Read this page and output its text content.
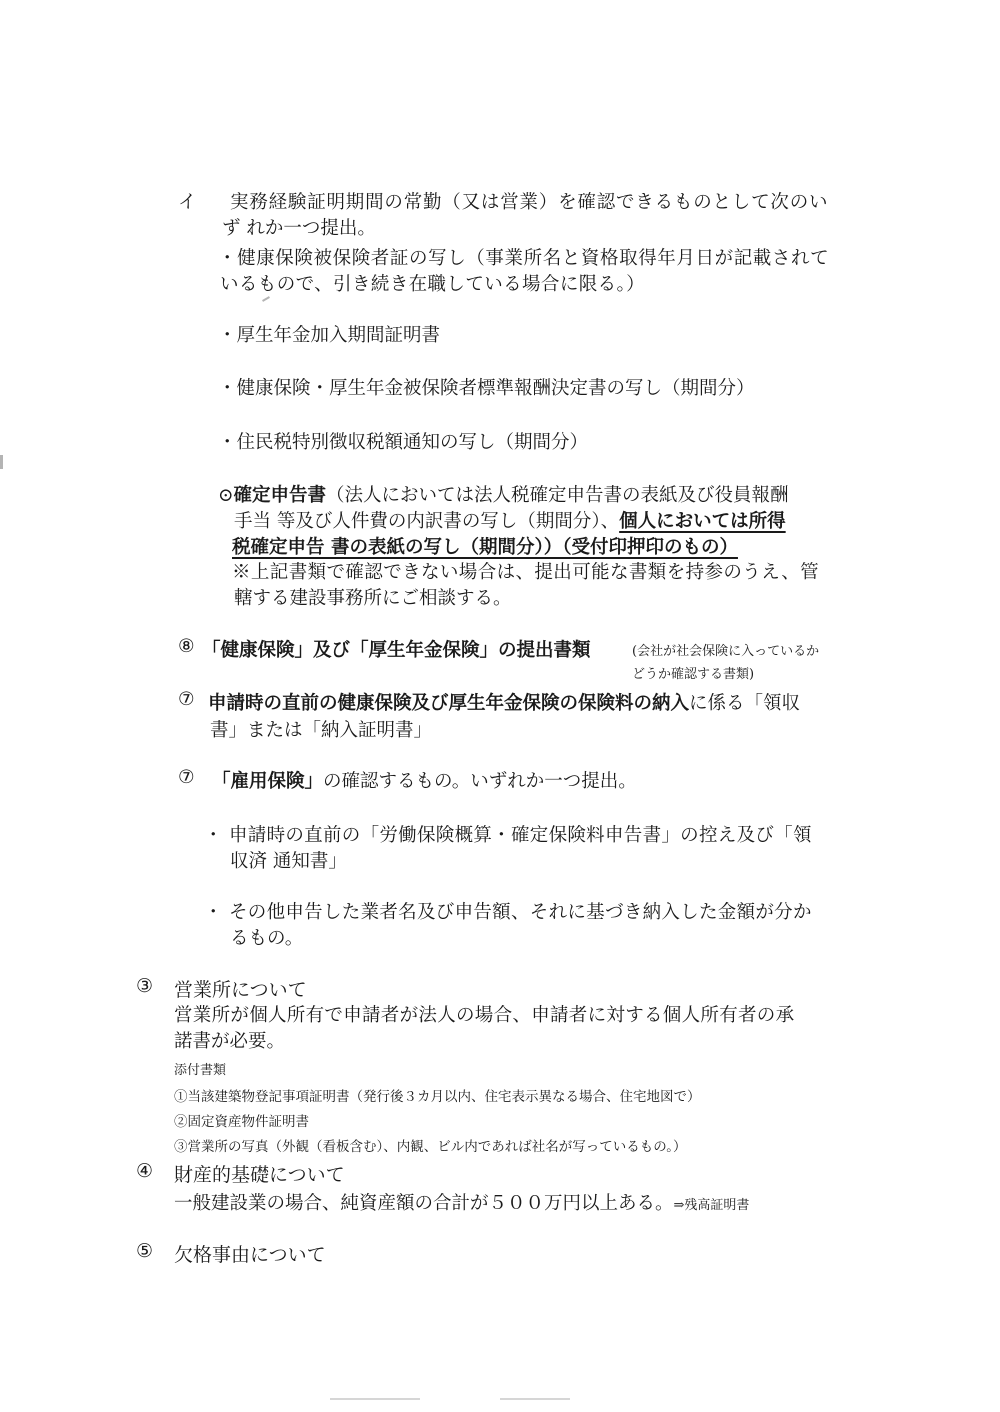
イ 実務経験証明期間の常勤（又は営業）を確認できるものとして次のい

ず れか一つ提出。

・健康保険被保険者証の写し（事業所名と資格取得年月日が記載されて

いるもので、引き続き在職している場合に限る。）

・厚生年金加入期間証明書

・健康保険・厚生年金被保険者標準報酬決定書の写し（期間分）

・住民税特別徴収税額通知の写し（期間分）

⊙確定申告書（法人においては法人税確定申告書の表紙及び役員報酬

手当 等及び人件費の内訳書の写し（期間分）、個人においては所得

税確定申告 書の表紙の写し（期間分））（受付印押印のもの）

※上記書類で確認できない場合は、提出可能な書類を持参のうえ、管

轄する建設事務所にご相談する。

⑧ 「健康保険」及び「厚生年金保険」の提出書類	(会社が社会保険に入っているか

どうか確認する書類)

⑦ 申請時の直前の健康保険及び厚生年金保険の保険料の納入に係る「領収

書」または「納入証明書」

⑦ 「雇用保険」の確認するもの。いずれか一つ提出。

・ 申請時の直前の「労働保険概算・確定保険料申告書」の控え及び「領

収済 通知書」

・ その他申告した業者名及び申告額、それに基づき納入した金額が分か

るもの。

③ 営業所について

営業所が個人所有で申請者が法人の場合、申請者に対する個人所有者の承

諾書が必要。

添付書類

①当該建築物登記事項証明書（発行後３カ月以内、住宅表示異なる場合、住宅地図で）

②固定資産物件証明書

③営業所の写真（外観（看板含む）、内観、ビル内であれば社名が写っているもの。）

④ 財産的基礎について

一般建設業の場合、純資産額の合計が５００万円以上ある。⇒残高証明書

⑤ 欠格事由について
